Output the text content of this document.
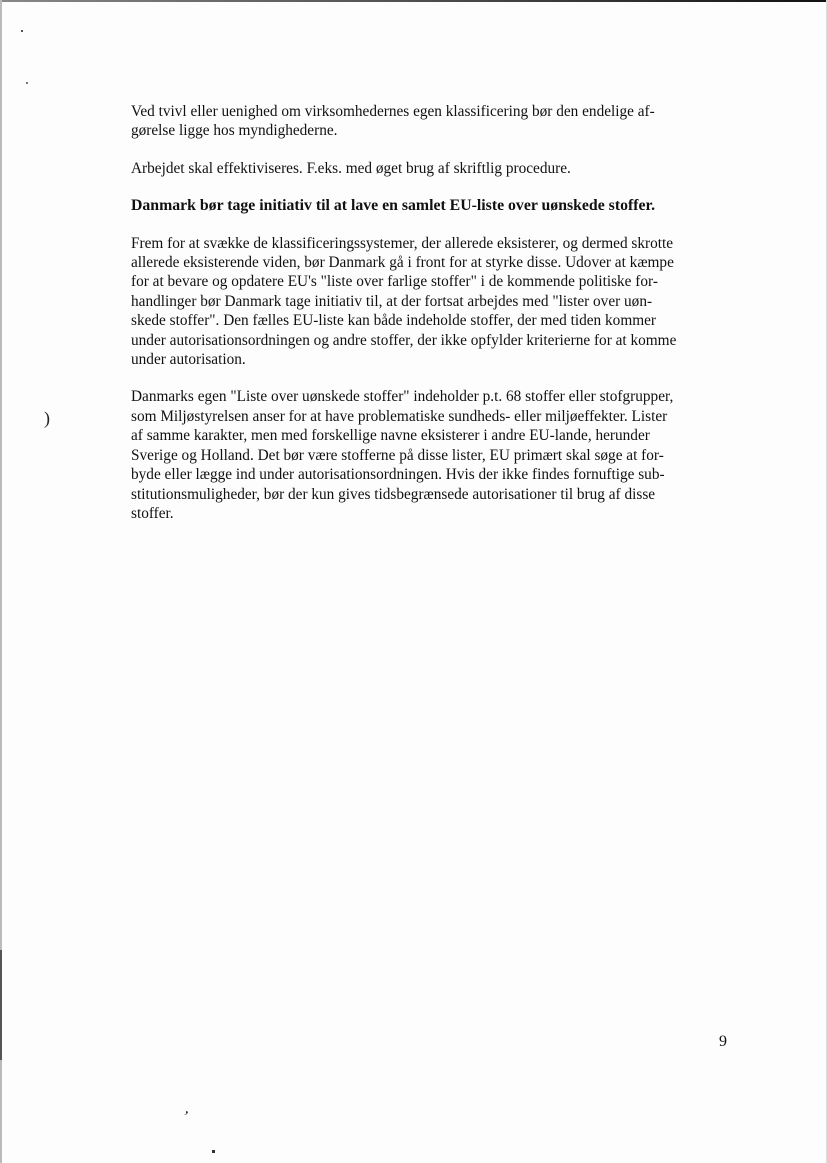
)
,

Ved tvivl eller uenighed om virksomhedernes egen klassificering bør den endelige af-
gørelse ligge hos myndighederne.

Arbejdet skal effektiviseres. F.eks. med øget brug af skriftlig procedure.

Danmark bør tage initiativ til at lave en samlet EU-liste over uønskede stoffer.

Frem for at svække de klassificeringssystemer, der allerede eksisterer, og dermed skrotte
allerede eksisterende viden, bør Danmark gå i front for at styrke disse. Udover at kæmpe
for at bevare og opdatere EU's "liste over farlige stoffer" i de kommende politiske for-
handlinger bør Danmark tage initiativ til, at der fortsat arbejdes med "lister over uøn-
skede stoffer". Den fælles EU-liste kan både indeholde stoffer, der med tiden kommer
under autorisationsordningen og andre stoffer, der ikke opfylder kriterierne for at komme
under autorisation.

Danmarks egen "Liste over uønskede stoffer" indeholder p.t. 68 stoffer eller stofgrupper,
som Miljøstyrelsen anser for at have problematiske sundheds- eller miljøeffekter. Lister
af samme karakter, men med forskellige navne eksisterer i andre EU-lande, herunder
Sverige og Holland. Det bør være stofferne på disse lister, EU primært skal søge at for-
byde eller lægge ind under autorisationsordningen. Hvis der ikke findes fornuftige sub-
stitutionsmuligheder, bør der kun gives tidsbegrænsede autorisationer til brug af disse
stoffer.

9
